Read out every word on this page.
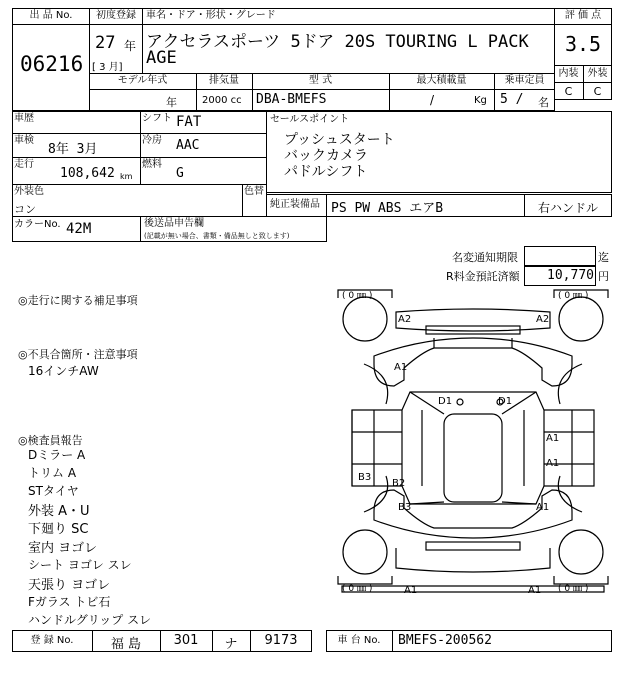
出 品 No.
06216
初度登録
27 年
[ 3 月]
車名・ドア・形状・グレード
アクセラスポーツ 5ドア 20S TOURING L PACK
AGE
評 価 点
3.5
内装 外装
C	C
モデル年式	排気量	型 式	最大積載量	乗車定員
年	2000 cc DBA-BMEFS	/	Kg 5 / 名
車歴	シフト FAT
車検
8年 3月
冷房 AAC
走行
108,642 km
燃料
G
外装色
コン
色替
セールスポイント
プッシュスタート
バックカメラ
パドルシフト
純正装備品 PS PW ABS エアB	右ハンドル
カラーNo. 42M	後送品申告欄
(記載が無い場合、書類・備品無しと致します)
名変通知期限	迄
R料金預託済額	10,770 円
◎走行に関する補足事項
◎不具合箇所・注意事項
16インチAW
◎検査員報告
Dミラー A
トリム A
STタイヤ
外装 A・U
下廻り SC
室内 ヨゴレ
シート ヨゴレ スレ
天張り ヨゴレ
Fガラス トビ石
ハンドルグリップ スレ
( 0 ㎜ )	( 0 ㎜ )
( 0 ㎜ )	( 0 ㎜ )
A2	A2
A1
D1	D1
A1
A1
B3
B2
B3	A1
A1	A1
登 録 No.	福 島	301	ナ	9173	車 台 No.	BMEFS-200562
